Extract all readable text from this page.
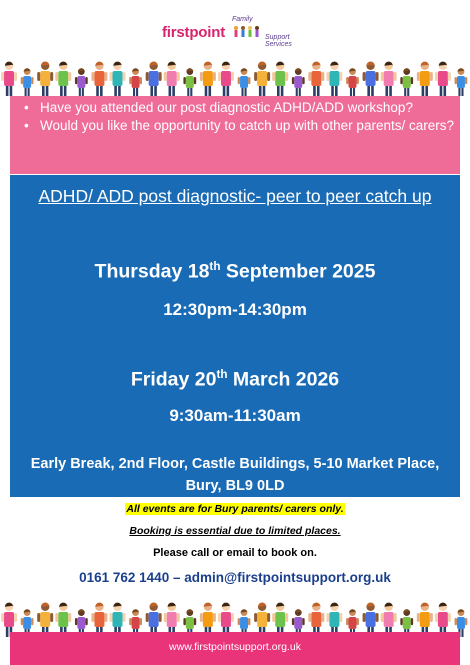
firstpoint
Family
Support Services
• Have you attended our post diagnostic ADHD/ADD workshop?
• Would you like the opportunity to catch up with other parents/ carers?
ADHD/ ADD post diagnostic- peer to peer catch up
Thursday 18th September 2025
12:30pm-14:30pm
Friday 20th March 2026
9:30am-11:30am
Early Break, 2nd Floor, Castle Buildings, 5-10 Market Place, Bury, BL9 0LD
All events are for Bury parents/ carers only.
Booking is essential due to limited places.
Please call or email to book on.
0161 762 1440 – admin@firstpointsupport.org.uk
www.firstpointsupport.org.uk
